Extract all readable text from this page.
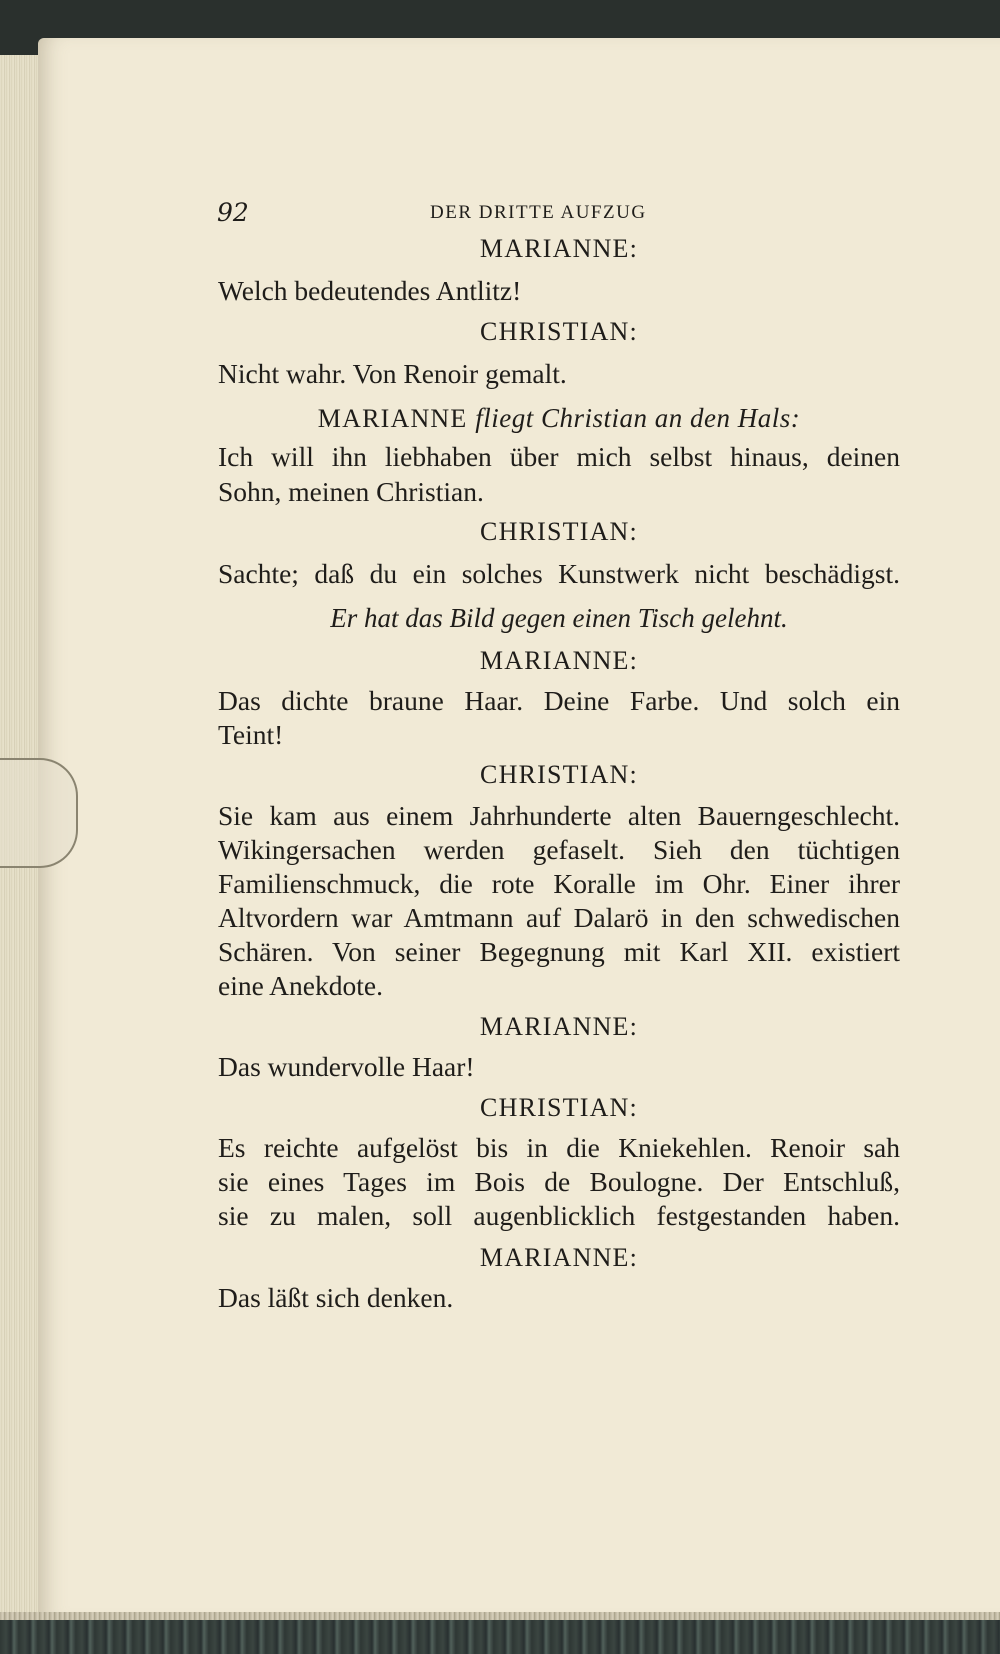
92	DER DRITTE AUFZUG
MARIANNE:
Welch bedeutendes Antlitz!
CHRISTIAN:
Nicht wahr. Von Renoir gemalt.
MARIANNE fliegt Christian an den Hals:
Ich will ihn liebhaben über mich selbst hinaus, deinen
Sohn, meinen Christian.
CHRISTIAN:
Sachte; daß du ein solches Kunstwerk nicht beschädigst.
Er hat das Bild gegen einen Tisch gelehnt.
MARIANNE:
Das dichte braune Haar. Deine Farbe. Und solch ein
Teint!
CHRISTIAN:
Sie kam aus einem Jahrhunderte alten Bauerngeschlecht.
Wikingersachen werden gefaselt. Sieh den tüchtigen
Familienschmuck, die rote Koralle im Ohr. Einer ihrer
Altvordern war Amtmann auf Dalarö in den schwedischen
Schären. Von seiner Begegnung mit Karl XII. existiert
eine Anekdote.
MARIANNE:
Das wundervolle Haar!
CHRISTIAN:
Es reichte aufgelöst bis in die Kniekehlen. Renoir sah
sie eines Tages im Bois de Boulogne. Der Entschluß,
sie zu malen, soll augenblicklich festgestanden haben.
MARIANNE:
Das läßt sich denken.
